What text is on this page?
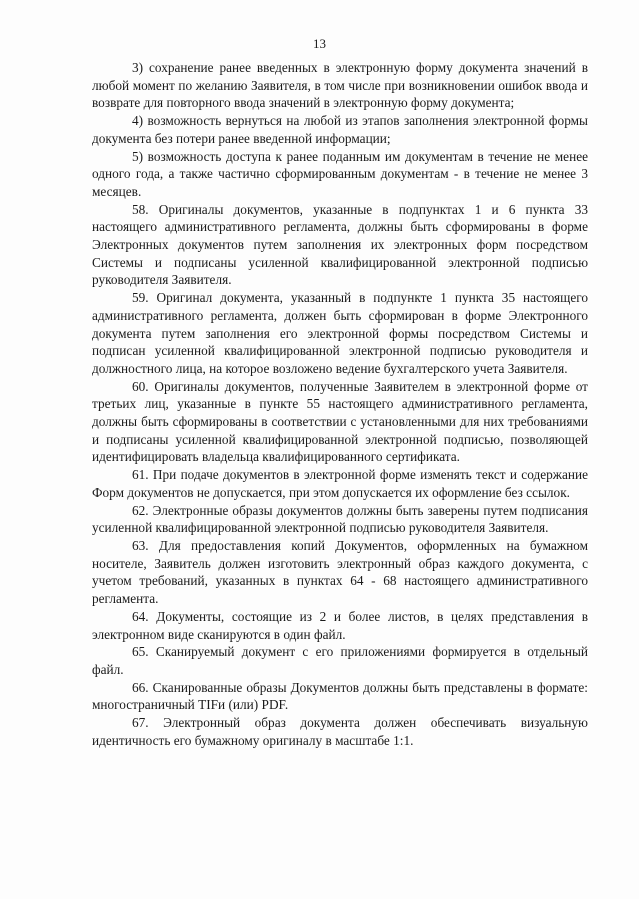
13

3) сохранение ранее введенных в электронную форму документа значений в любой момент по желанию Заявителя, в том числе при возникновении ошибок ввода и возврате для повторного ввода значений в электронную форму документа;

4) возможность вернуться на любой из этапов заполнения электронной формы документа без потери ранее введенной информации;

5) возможность доступа к ранее поданным им документам в течение не менее одного года, а также частично сформированным документам - в течение не менее 3 месяцев.

58. Оригиналы документов, указанные в подпунктах 1 и 6 пункта 33 настоящего административного регламента, должны быть сформированы в форме Электронных документов путем заполнения их электронных форм посредством Системы и подписаны усиленной квалифицированной электронной подписью руководителя Заявителя.

59. Оригинал документа, указанный в подпункте 1 пункта 35 настоящего административного регламента, должен быть сформирован в форме Электронного документа путем заполнения его электронной формы посредством Системы и подписан усиленной квалифицированной электронной подписью руководителя и должностного лица, на которое возложено ведение бухгалтерского учета Заявителя.

60. Оригиналы документов, полученные Заявителем в электронной форме от третьих лиц, указанные в пункте 55 настоящего административного регламента, должны быть сформированы в соответствии с установленными для них требованиями и подписаны усиленной квалифицированной электронной подписью, позволяющей идентифицировать владельца квалифицированного сертификата.

61. При подаче документов в электронной форме изменять текст и содержание Форм документов не допускается, при этом допускается их оформление без ссылок.

62. Электронные образы документов должны быть заверены путем подписания усиленной квалифицированной электронной подписью руководителя Заявителя.

63. Для предоставления копий Документов, оформленных на бумажном носителе, Заявитель должен изготовить электронный образ каждого документа, с учетом требований, указанных в пунктах 64 - 68 настоящего административного регламента.

64. Документы, состоящие из 2 и более листов, в целях представления в электронном виде сканируются в один файл.

65. Сканируемый документ с его приложениями формируется в отдельный файл.

66. Сканированные образы Документов должны быть представлены в формате: многостраничный TIFи (или) PDF.

67. Электронный образ документа должен обеспечивать визуальную идентичность его бумажному оригиналу в масштабе 1:1.
